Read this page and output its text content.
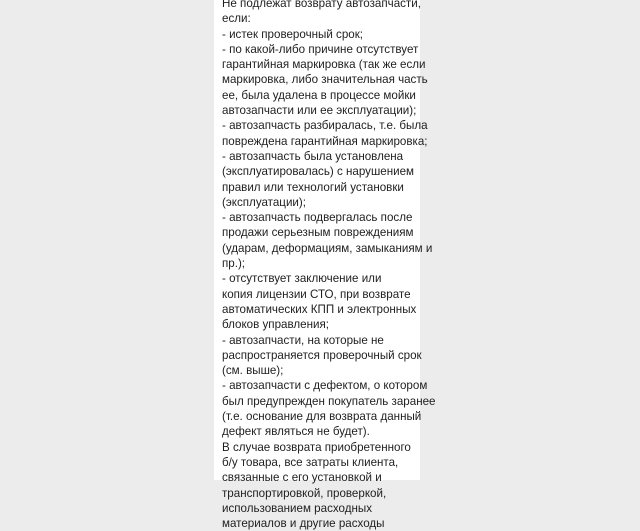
Не подлежат возврату автозапчасти,
если:
- истек проверочный срок;
- по какой-либо причине отсутствует
гарантийная маркировка (так же если
маркировка, либо значительная часть
ее, была удалена в процессе мойки
автозапчасти или ее эксплуатации);
- автозапчасть разбиралась, т.е. была
повреждена гарантийная маркировка;
- автозапчасть была установлена
(эксплуатировалась) с нарушением
правил или технологий установки
(эксплуатации);
- автозапчасть подвергалась после
продажи серьезным повреждениям
(ударам, деформациям, замыканиям и
пр.);
- отсутствует заключение или
копия лицензии СТО, при возврате
автоматических КПП и электронных
блоков управления;
- автозапчасти, на которые не
распространяется проверочный срок
(см. выше);
- автозапчасти с дефектом, о котором
был предупрежден покупатель заранее
(т.е. основание для возврата данный
дефект являться не будет).
В случае возврата приобретенного
б/у товара, все затраты клиента,
связанные с его установкой и
транспортировкой, проверкой,
использованием расходных
материалов и другие расходы
